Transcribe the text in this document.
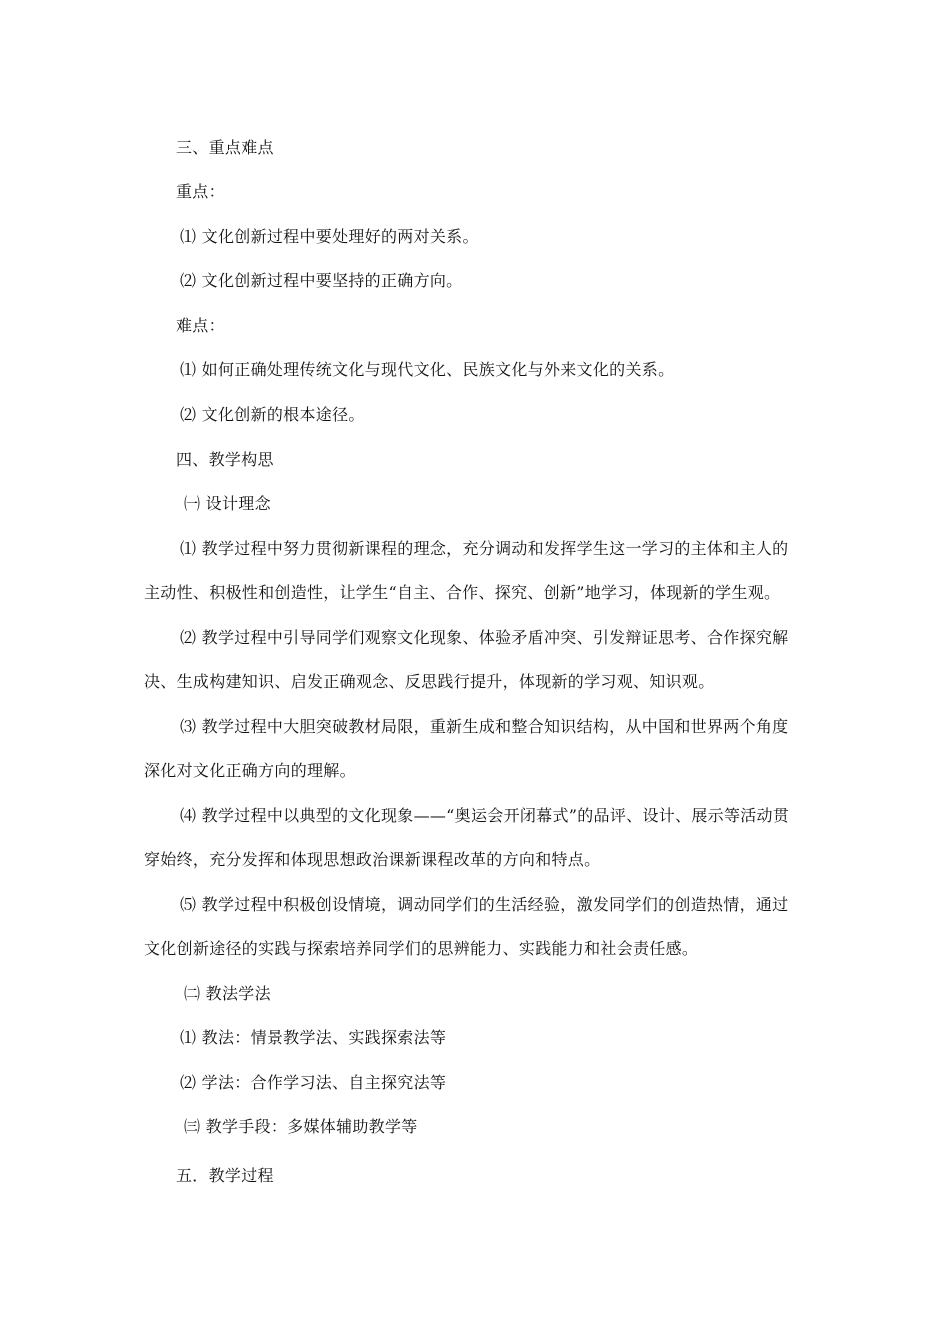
三、重点难点
重点：
⑴ 文化创新过程中要处理好的两对关系。
⑵ 文化创新过程中要坚持的正确方向。
难点：
⑴ 如何正确处理传统文化与现代文化、民族文化与外来文化的关系。
⑵ 文化创新的根本途径。
四、教学构思
㈠ 设计理念
⑴ 教学过程中努力贯彻新课程的理念，充分调动和发挥学生这一学习的主体和主人的
主动性、积极性和创造性，让学生“自主、合作、探究、创新”地学习，体现新的学生观。
⑵ 教学过程中引导同学们观察文化现象、体验矛盾冲突、引发辩证思考、合作探究解
决、生成构建知识、启发正确观念、反思践行提升，体现新的学习观、知识观。
⑶ 教学过程中大胆突破教材局限，重新生成和整合知识结构，从中国和世界两个角度
深化对文化正确方向的理解。
⑷ 教学过程中以典型的文化现象——“奥运会开闭幕式”的品评、设计、展示等活动贯
穿始终，充分发挥和体现思想政治课新课程改革的方向和特点。
⑸ 教学过程中积极创设情境，调动同学们的生活经验，激发同学们的创造热情，通过
文化创新途径的实践与探索培养同学们的思辨能力、实践能力和社会责任感。
㈡ 教法学法
⑴ 教法：情景教学法、实践探索法等
⑵ 学法：合作学习法、自主探究法等
㈢ 教学手段：多媒体辅助教学等
五．教学过程
